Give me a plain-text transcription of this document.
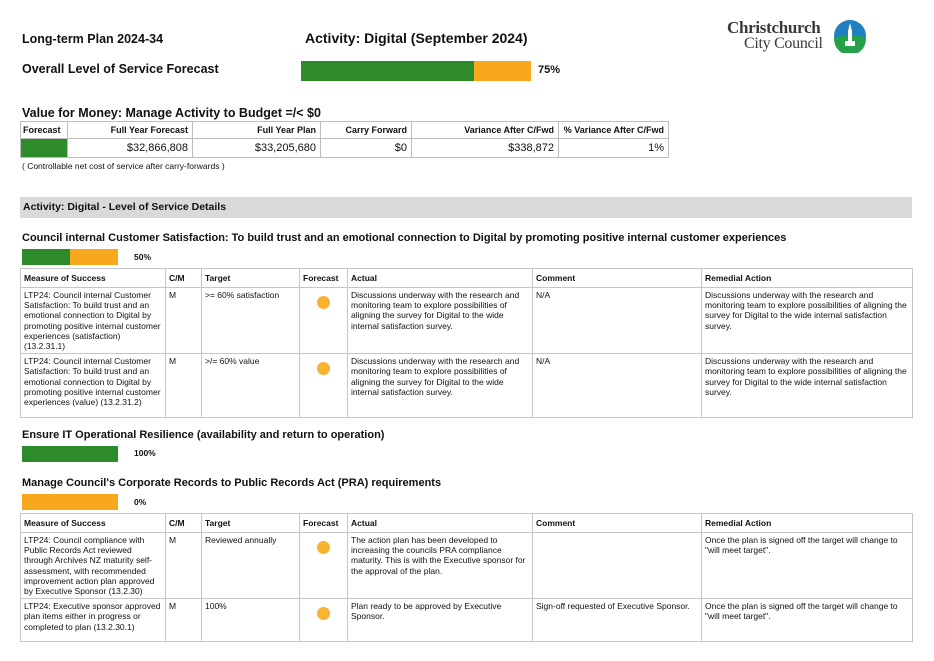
Long-term Plan 2024-34	Activity: Digital (September 2024)
Christchurch
City Council
Overall Level of Service Forecast	75%
Value for Money: Manage Activity to Budget =/< $0
Forecast	Full Year Forecast	Full Year Plan	Carry Forward	Variance After C/Fwd	% Variance After C/Fwd
	$32,866,808	$33,205,680	$0	$338,872	1%
( Controllable net cost of service after carry-forwards )
Activity: Digital - Level of Service Details
Council internal Customer Satisfaction: To build trust and an emotional connection to Digital by promoting positive internal customer experiences
50%
Measure of Success	C/M	Target	Forecast	Actual	Comment	Remedial Action
LTP24: Council internal Customer Satisfaction: To build trust and an emotional connection to Digital by promoting positive internal customer experiences (satisfaction) (13.2.31.1)	M	>= 60% satisfaction		Discussions underway with the research and monitoring team to explore possibilities of aligning the survey for Digital to the wide internal satisfaction survey.	N/A	Discussions underway with the research and monitoring team to explore possibilities of aligning the survey for Digital to the wide internal satisfaction survey.
LTP24: Council internal Customer Satisfaction: To build trust and an emotional connection to Digital by promoting positive internal customer experiences (value) (13.2.31.2)	M	>/= 60% value		Discussions underway with the research and monitoring team to explore possibilities of aligning the survey for Digital to the wide internal satisfaction survey.	N/A	Discussions underway with the research and monitoring team to explore possibilities of aligning the survey for Digital to the wide internal satisfaction survey.
Ensure IT Operational Resilience (availability and return to operation)
100%
Manage Council's Corporate Records to Public Records Act (PRA) requirements
0%
Measure of Success	C/M	Target	Forecast	Actual	Comment	Remedial Action
LTP24: Council compliance with Public Records Act reviewed through Archives NZ maturity self-assessment, with recommended improvement action plan approved by Executive Sponsor (13.2.30)	M	Reviewed annually		The action plan has been developed to increasing the councils PRA compliance maturity. This is with the Executive sponsor for the approval of the plan.		Once the plan is signed off the target will change to "will meet target".
LTP24: Executive sponsor approved plan items either in progress or completed to plan (13.2.30.1)	M	100%		Plan ready to be approved by Executive Sponsor.	Sign-off requested of Executive Sponsor.	Once the plan is signed off the target will change to "will meet target".
